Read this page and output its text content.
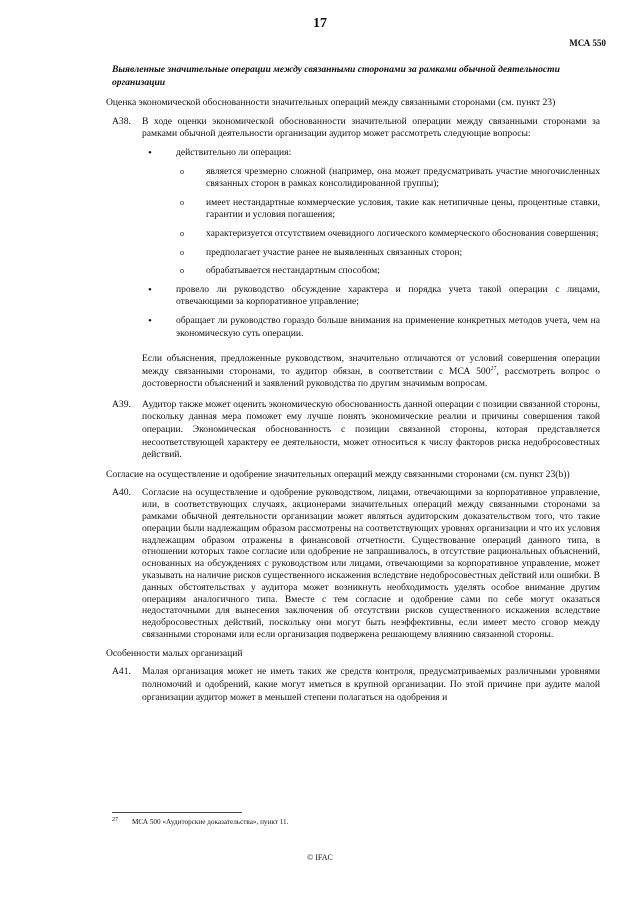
17
МСА 550

Выявленные значительные операции между связанными сторонами за рамками обычной деятельности организации

Оценка экономической обоснованности значительных операций между связанными сторонами (см. пункт 23)

A38.	В ходе оценки экономической обоснованности значительной операции между связанными сторонами за рамками обычной деятельности организации аудитор может рассмотреть следующие вопросы:
• действительно ли операция:
o является чрезмерно сложной (например, она может предусматривать участие многочисленных связанных сторон в рамках консолидированной группы);
o имеет нестандартные коммерческие условия, такие как нетипичные цены, процентные ставки, гарантии и условия погашения;
o характеризуется отсутствием очевидного логического коммерческого обоснования совершения;
o предполагает участие ранее не выявленных связанных сторон;
o обрабатывается нестандартным способом;
• провело ли руководство обсуждение характера и порядка учета такой операции с лицами, отвечающими за корпоративное управление;
• обращает ли руководство гораздо больше внимания на применение конкретных методов учета, чем на экономическую суть операции.

Если объяснения, предложенные руководством, значительно отличаются от условий совершения операции между связанными сторонами, то аудитор обязан, в соответствии с МСА $500^{27}$, рассмотреть вопрос о достоверности объяснений и заявлений руководства по другим значимым вопросам.

A39.	Аудитор также может оценить экономическую обоснованность данной операции с позиции связанной стороны, поскольку данная мера поможет ему лучше понять экономические реалии и причины совершения такой операции. Экономическая обоснованность с позиции связанной стороны, которая представляется несоответствующей характеру ее деятельности, может относиться к числу факторов риска недобросовестных действий.

Согласие на осуществление и одобрение значительных операций между связанными сторонами (см. пункт 23(b))

A40.	Согласие на осуществление и одобрение руководством, лицами, отвечающими за корпоративное управление, или, в соответствующих случаях, акционерами значительных операций между связанными сторонами за рамками обычной деятельности организации может являться аудиторским доказательством того, что такие операции были надлежащим образом рассмотрены на соответствующих уровнях организации и что их условия надлежащим образом отражены в финансовой отчетности. Существование операций данного типа, в отношении которых такое согласие или одобрение не запрашивалось, в отсутствие рациональных объяснений, основанных на обсуждениях с руководством или лицами, отвечающими за корпоративное управление, может указывать на наличие рисков существенного искажения вследствие недобросовестных действий или ошибки. В данных обстоятельствах у аудитора может возникнуть необходимость уделять особое внимание другим операциям аналогичного типа. Вместе с тем согласие и одобрение сами по себе могут оказаться недостаточными для вынесения заключения об отсутствии рисков существенного искажения вследствие недобросовестных действий, поскольку они могут быть неэффективны, если имеет место сговор между связанными сторонами или если организация подвержена решающему влиянию связанной стороны.

Особенности малых организаций

A41.	Малая организация может не иметь таких же средств контроля, предусматриваемых различными уровнями полномочий и одобрений, какие могут иметься в крупной организации. По этой причине при аудите малой организации аудитор может в меньшей степени полагаться на одобрения и
$^{27}$ МСА 500 «Аудиторские доказательства», пункт 11.
© IFAC
